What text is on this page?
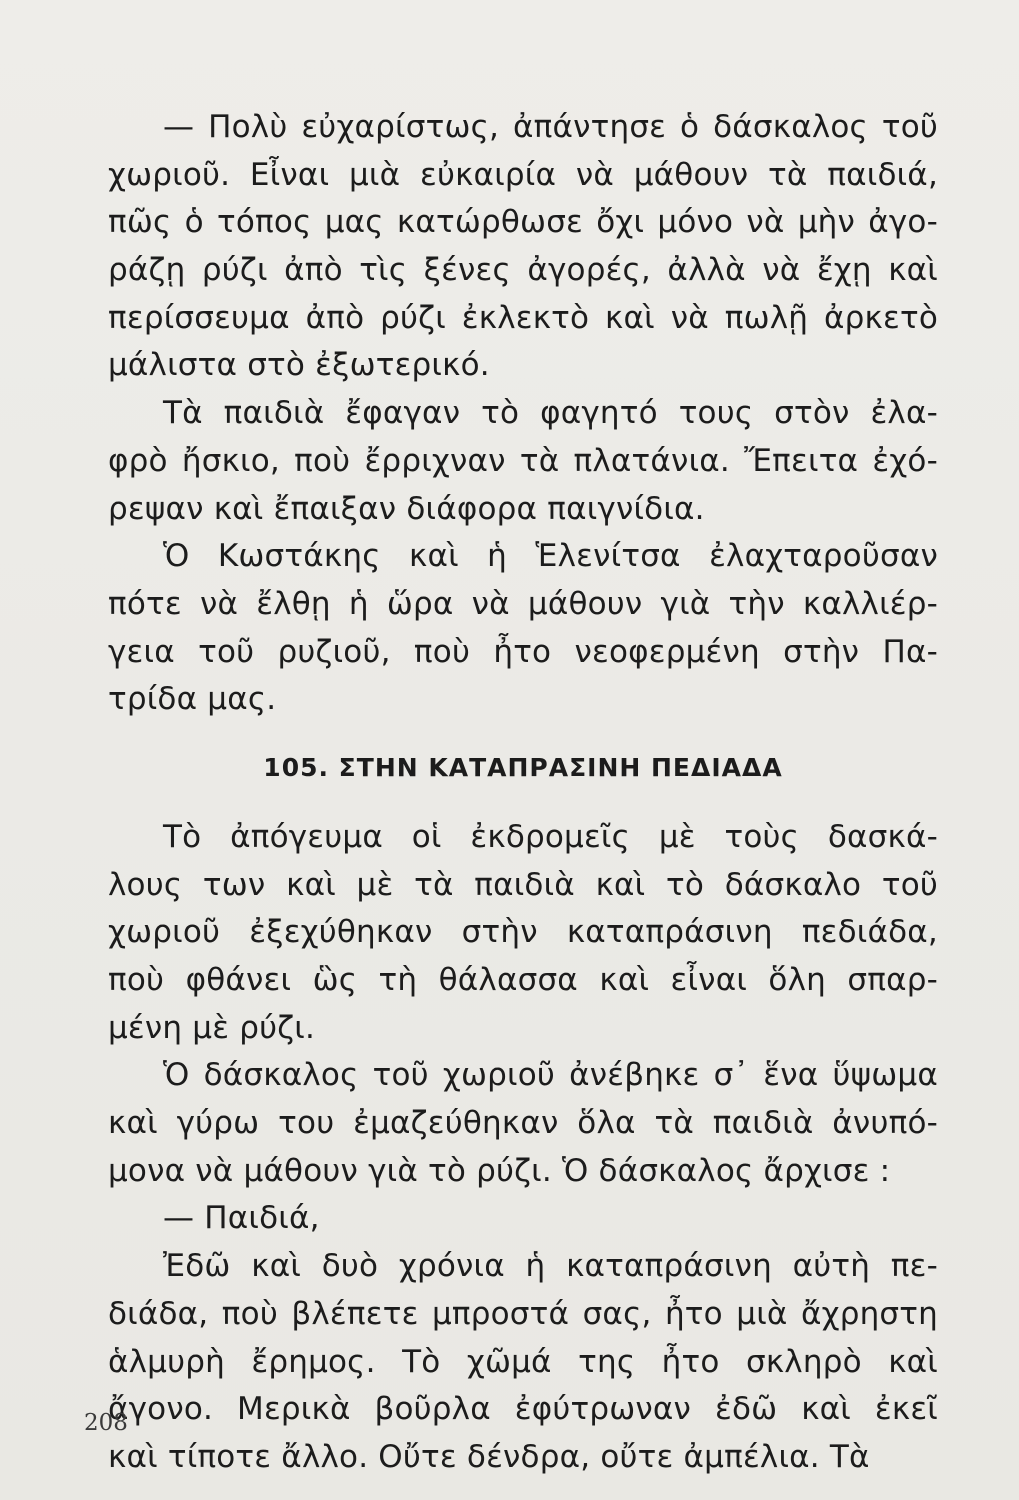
— Πολὺ εὐχαρίστως, ἀπάντησε ὁ δάσκαλος τοῦ
χωριοῦ. Εἶναι μιὰ εὐκαιρία νὰ μάθουν τὰ παιδιά,
πῶς ὁ τόπος μας κατώρθωσε ὄχι μόνο νὰ μὴν ἀγο-
ράζῃ ρύζι ἀπὸ τὶς ξένες ἀγορές, ἀλλὰ νὰ ἔχῃ καὶ
περίσσευμα ἀπὸ ρύζι ἐκλεκτὸ καὶ νὰ πωλῇ ἀρκετὸ
μάλιστα στὸ ἐξωτερικό.
Τὰ παιδιὰ ἔφαγαν τὸ φαγητό τους στὸν ἐλα-
φρὸ ἤσκιο, ποὺ ἔρριχναν τὰ πλατάνια. Ἔπειτα ἐχό-
ρεψαν καὶ ἔπαιξαν διάφορα παιγνίδια.
Ὁ Κωστάκης καὶ ἡ Ἑλενίτσα ἐλαχταροῦσαν
πότε νὰ ἔλθῃ ἡ ὥρα νὰ μάθουν γιὰ τὴν καλλιέρ-
γεια τοῦ ρυζιοῦ, ποὺ ἦτο νεοφερμένη στὴν Πα-
τρίδα μας.
105. ΣΤΗΝ ΚΑΤΑΠΡΑΣΙΝΗ ΠΕΔΙΑΔΑ
Τὸ ἀπόγευμα οἱ ἐκδρομεῖς μὲ τοὺς δασκά-
λους των καὶ μὲ τὰ παιδιὰ καὶ τὸ δάσκαλο τοῦ
χωριοῦ ἐξεχύθηκαν στὴν καταπράσινη πεδιάδα,
ποὺ φθάνει ὣς τὴ θάλασσα καὶ εἶναι ὅλη σπαρ-
μένη μὲ ρύζι.
Ὁ δάσκαλος τοῦ χωριοῦ ἀνέβηκε σ᾿ ἕνα ὕψωμα
καὶ γύρω του ἐμαζεύθηκαν ὅλα τὰ παιδιὰ ἀνυπό-
μονα νὰ μάθουν γιὰ τὸ ρύζι. Ὁ δάσκαλος ἄρχισε :
— Παιδιά,
Ἐδῶ καὶ δυὸ χρόνια ἡ καταπράσινη αὐτὴ πε-
διάδα, ποὺ βλέπετε μπροστά σας, ἦτο μιὰ ἄχρηστη
ἁλμυρὴ ἔρημος. Τὸ χῶμά της ἦτο σκληρὸ καὶ
ἄγονο. Μερικὰ βοῦρλα ἐφύτρωναν ἐδῶ καὶ ἐκεῖ
καὶ τίποτε ἄλλο. Οὔτε δένδρα, οὔτε ἀμπέλια. Τὰ
208
